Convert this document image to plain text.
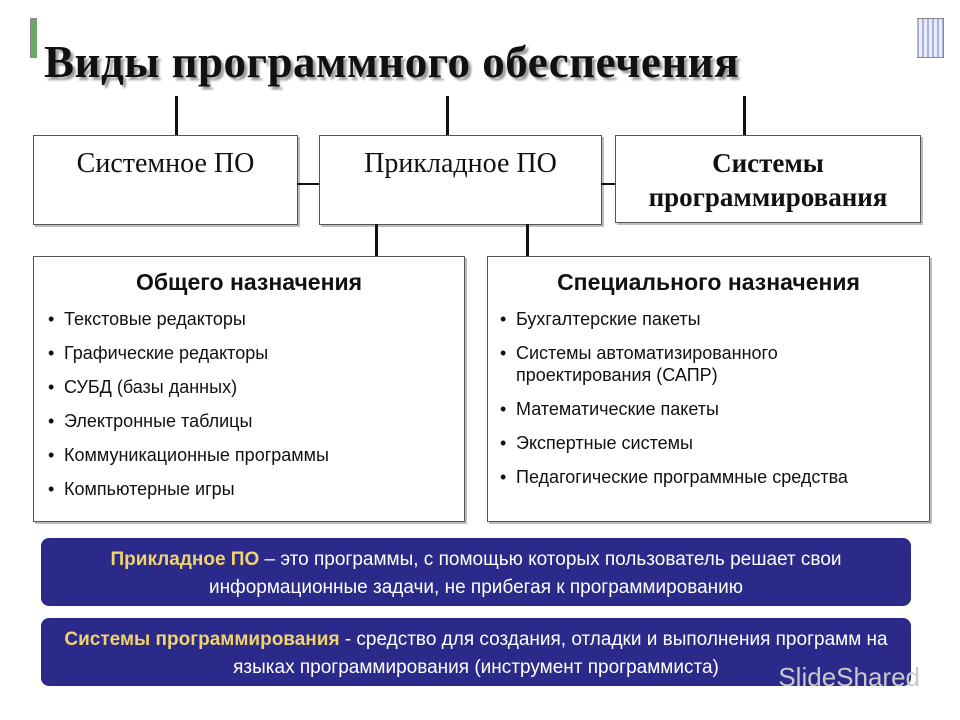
Виды программного обеспечения
Системное ПО	Прикладное ПО	Системы программирования
Общего назначения
• Текстовые редакторы
• Графические редакторы
• СУБД (базы данных)
• Электронные таблицы
• Коммуникационные программы
• Компьютерные игры
Специального назначения
• Бухгалтерские пакеты
• Системы автоматизированного проектирования (САПР)
• Математические пакеты
• Экспертные системы
• Педагогические программные средства
Прикладное ПО – это программы, с помощью которых пользователь решает свои информационные задачи, не прибегая к программированию
Системы программирования - средство для создания, отладки и выполнения программ на языках программирования (инструмент программиста)	SlideShared
